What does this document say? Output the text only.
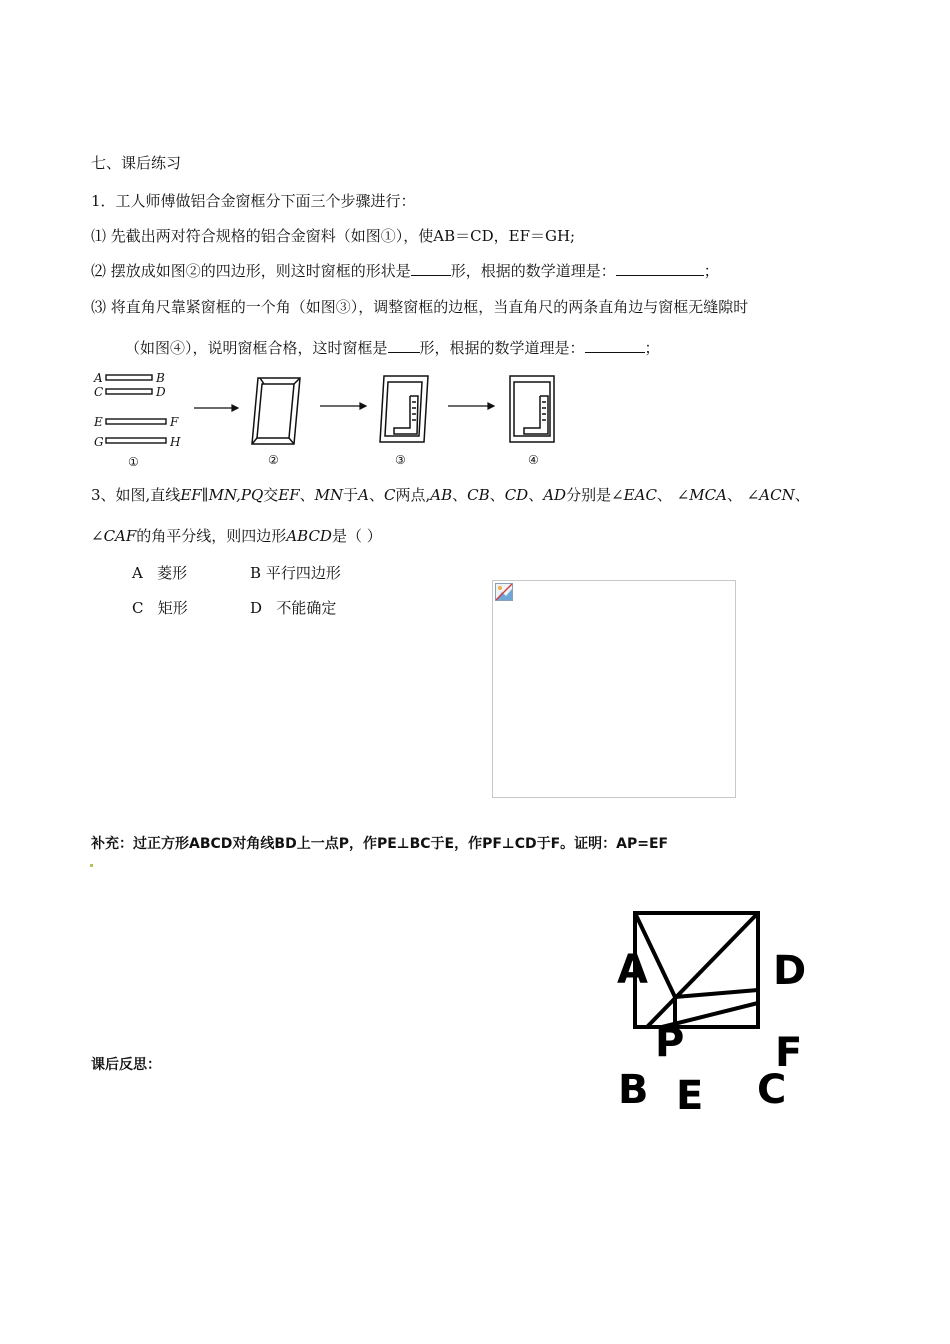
七、课后练习
1．工人师傅做铝合金窗框分下面三个步骤进行：
⑴ 先截出两对符合规格的铝合金窗料（如图①），使AB＝CD，EF＝GH;
⑵ 摆放成如图②的四边形，则这时窗框的形状是	形，根据的数学道理是：	；
⑶ 将直角尺靠紧窗框的一个角（如图③），调整窗框的边框，当直角尺的两条直角边与窗框无缝隙时
（如图④），说明窗框合格，这时窗框是 形，根据的数学道理是：	；
A	B
C	D
E	F
G	H
①	②	③	④
3、如图,直线EF∥MN,PQ交EF、MN于A、C两点,AB、CB、CD、AD分别是∠EAC、 ∠MCA、 ∠ACN、
∠CAF的角平分线，则四边形ABCD是（ ）
A 菱形	B 平行四边形
C 矩形	D 不能确定
补充：过正方形ABCD对角线BD上一点P，作PE⊥BC于E，作PF⊥CD于F。证明：AP=EF
A	D
P F
B E C
课后反思：
